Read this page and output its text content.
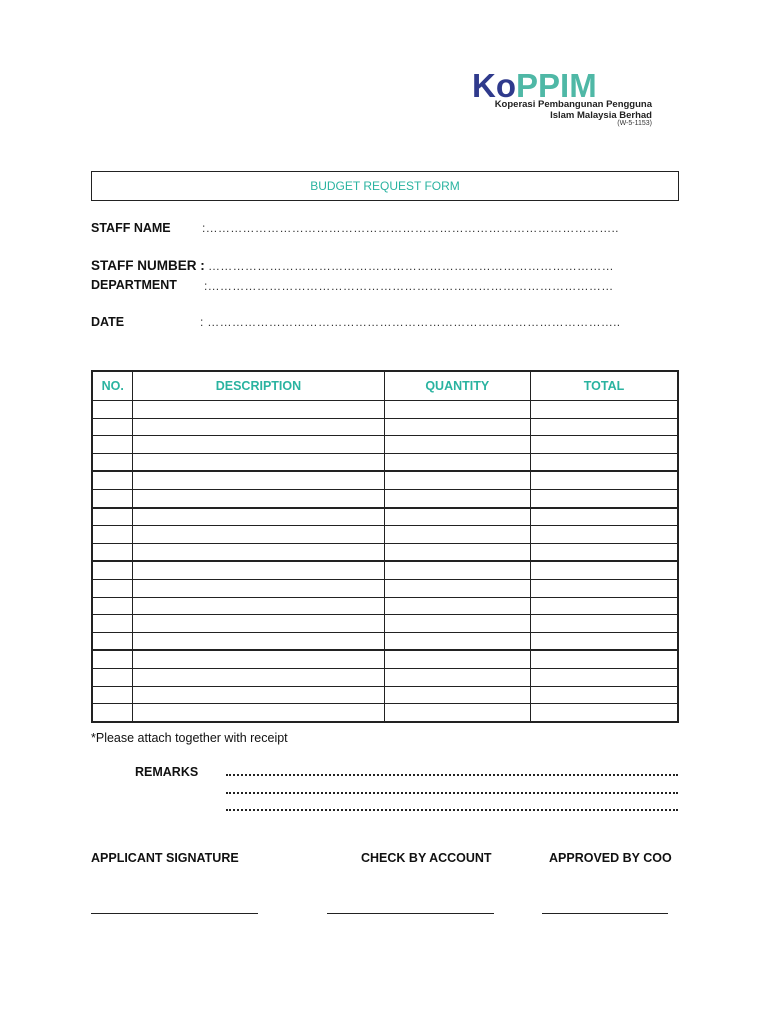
KoPPIM
Koperasi Pembangunan Pengguna
Islam Malaysia Berhad
(W-5-1153)
BUDGET REQUEST FORM
STAFF NAME	:………………………………………………………………………………………..
STAFF NUMBER : ………………………………………………………………………………………
DEPARTMENT :………………………………………………………………………………………
DATE	: ………………………………………………………………………………………..
NO.	DESCRIPTION	QUANTITY	TOTAL

*Please attach together with receipt
REMARKS
APPLICANT SIGNATURE	CHECK BY ACCOUNT	APPROVED BY COO
